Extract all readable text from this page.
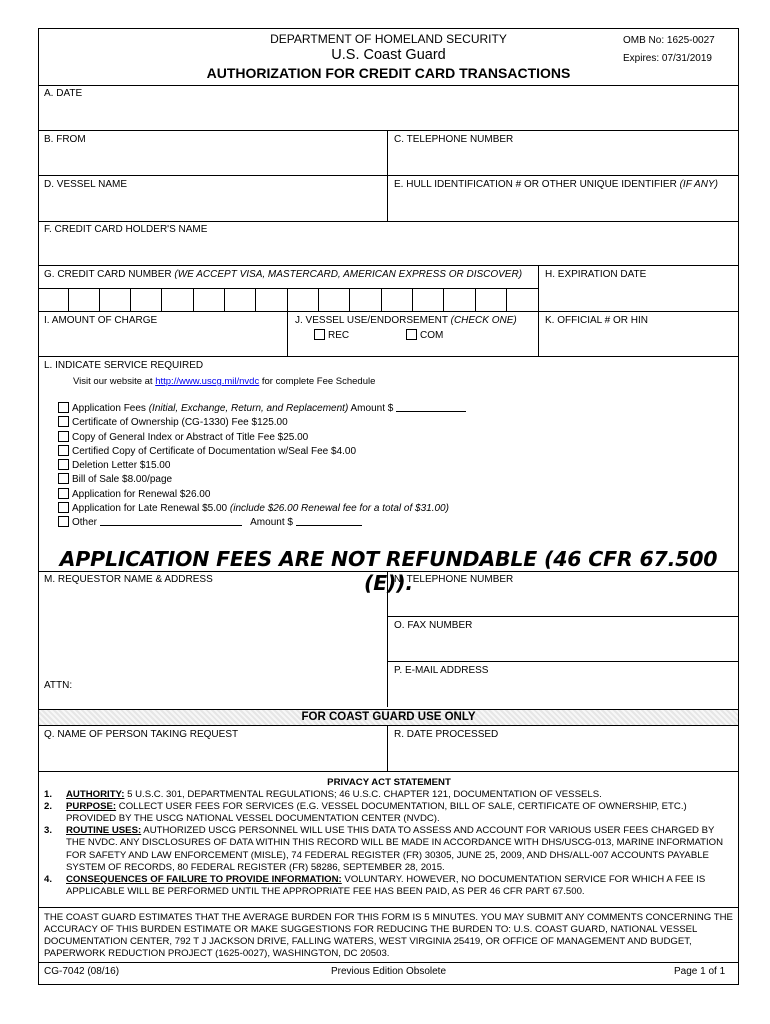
DEPARTMENT OF HOMELAND SECURITY
U.S. Coast Guard
AUTHORIZATION FOR CREDIT CARD TRANSACTIONS
OMB No: 1625-0027
Expires: 07/31/2019
A. DATE
B. FROM	C. TELEPHONE NUMBER
D. VESSEL NAME	E. HULL IDENTIFICATION # OR OTHER UNIQUE IDENTIFIER (IF ANY)
F. CREDIT CARD HOLDER'S NAME
G. CREDIT CARD NUMBER (WE ACCEPT VISA, MASTERCARD, AMERICAN EXPRESS OR DISCOVER) H. EXPIRATION DATE
I. AMOUNT OF CHARGE	J. VESSEL USE/ENDORSEMENT (CHECK ONE)
REC	COM
K. OFFICIAL # OR HIN
L. INDICATE SERVICE REQUIRED
Visit our website at http://www.uscg.mil/nvdc for complete Fee Schedule
Application Fees (Initial, Exchange, Return, and Replacement) Amount $
Certificate of Ownership (CG-1330) Fee $125.00
Copy of General Index or Abstract of Title Fee $25.00
Certified Copy of Certificate of Documentation w/Seal Fee $4.00
Deletion Letter $15.00
Bill of Sale $8.00/page
Application for Renewal $26.00
Application for Late Renewal $5.00 (include $26.00 Renewal fee for a total of $31.00)
Other	Amount $
APPLICATION FEES ARE NOT REFUNDABLE (46 CFR 67.500 (E)).
M. REQUESTOR NAME & ADDRESS	N. TELEPHONE NUMBER
O. FAX NUMBER
P. E-MAIL ADDRESS
ATTN:
FOR COAST GUARD USE ONLY
Q. NAME OF PERSON TAKING REQUEST	R. DATE PROCESSED
PRIVACY ACT STATEMENT
1. AUTHORITY: 5 U.S.C. 301, DEPARTMENTAL REGULATIONS; 46 U.S.C. CHAPTER 121, DOCUMENTATION OF VESSELS.
2. PURPOSE: COLLECT USER FEES FOR SERVICES (E.G. VESSEL DOCUMENTATION, BILL OF SALE, CERTIFICATE OF OWNERSHIP, ETC.) PROVIDED BY THE USCG NATIONAL VESSEL DOCUMENTATION CENTER (NVDC).
3. ROUTINE USES: AUTHORIZED USCG PERSONNEL WILL USE THIS DATA TO ASSESS AND ACCOUNT FOR VARIOUS USER FEES CHARGED BY THE NVDC. ANY DISCLOSURES OF DATA WITHIN THIS RECORD WILL BE MADE IN ACCORDANCE WITH DHS/USCG-013, MARINE INFORMATION FOR SAFETY AND LAW ENFORCEMENT (MISLE), 74 FEDERAL REGISTER (FR) 30305, JUNE 25, 2009, AND DHS/ALL-007 ACCOUNTS PAYABLE SYSTEM OF RECORDS, 80 FEDERAL REGISTER (FR) 58286, SEPTEMBER 28, 2015.
4. CONSEQUENCES OF FAILURE TO PROVIDE INFORMATION: VOLUNTARY. HOWEVER, NO DOCUMENTATION SERVICE FOR WHICH A FEE IS APPLICABLE WILL BE PERFORMED UNTIL THE APPROPRIATE FEE HAS BEEN PAID, AS PER 46 CFR PART 67.500.
THE COAST GUARD ESTIMATES THAT THE AVERAGE BURDEN FOR THIS FORM IS 5 MINUTES. YOU MAY SUBMIT ANY COMMENTS CONCERNING THE ACCURACY OF THIS BURDEN ESTIMATE OR MAKE SUGGESTIONS FOR REDUCING THE BURDEN TO: U.S. COAST GUARD, NATIONAL VESSEL DOCUMENTATION CENTER, 792 T J JACKSON DRIVE, FALLING WATERS, WEST VIRGINIA 25419, OR OFFICE OF MANAGEMENT AND BUDGET, PAPERWORK REDUCTION PROJECT (1625-0027), WASHINGTON, DC 20503.
CG-7042 (08/16)	Previous Edition Obsolete	Page 1 of 1
